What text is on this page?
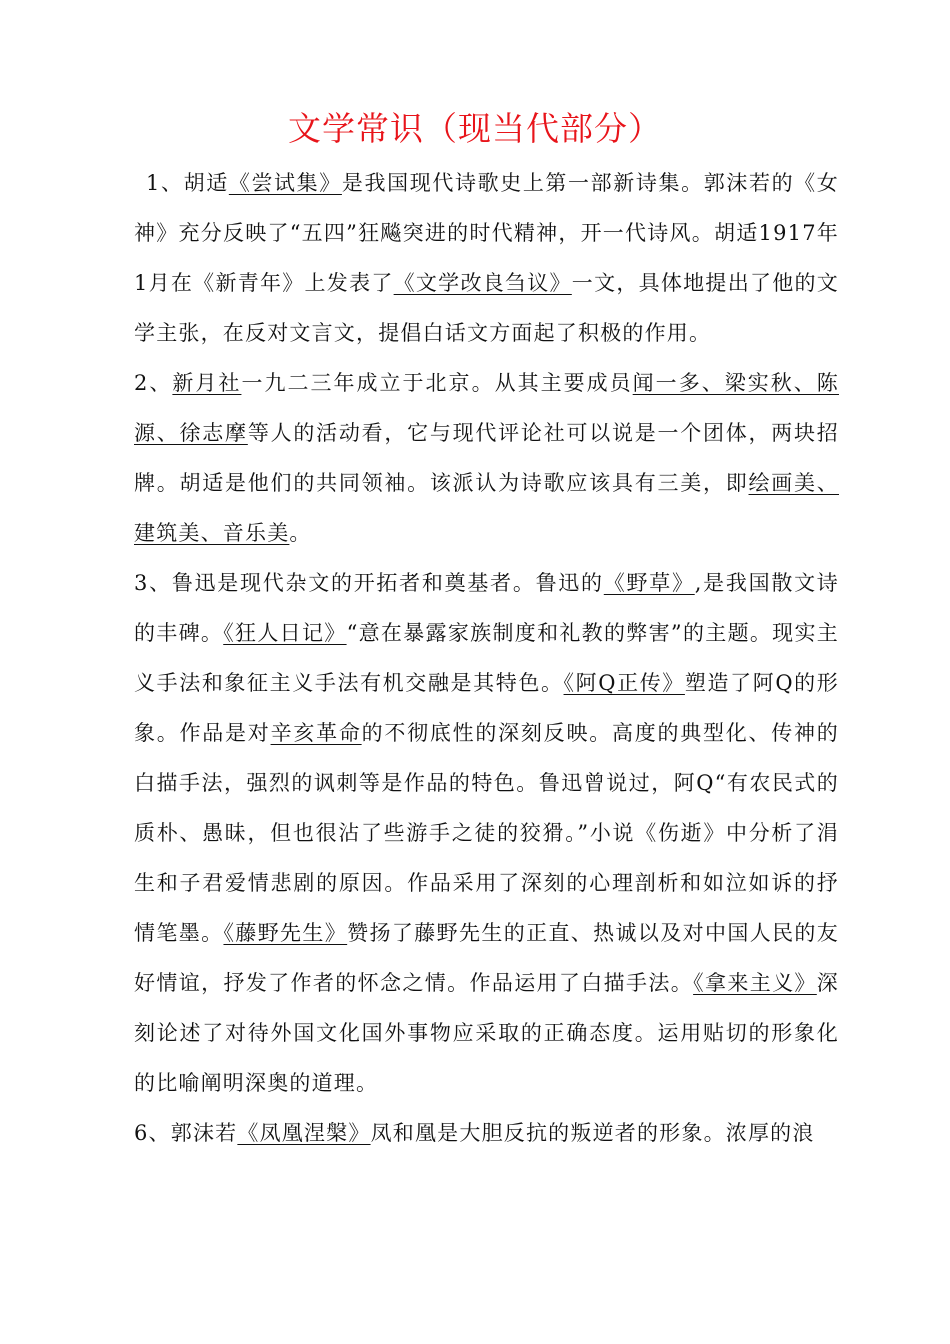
文学常识（现当代部分）

1、胡适《尝试集》是我国现代诗歌史上第一部新诗集。郭沫若的《女神》充分反映了“五四”狂飚突进的时代精神，开一代诗风。胡适1917年1月在《新青年》上发表了《文学改良刍议》一文，具体地提出了他的文学主张，在反对文言文，提倡白话文方面起了积极的作用。

2、新月社一九二三年成立于北京。从其主要成员闻一多、梁实秋、陈源、徐志摩等人的活动看，它与现代评论社可以说是一个团体，两块招牌。胡适是他们的共同领袖。该派认为诗歌应该具有三美，即绘画美、建筑美、音乐美。

3、鲁迅是现代杂文的开拓者和奠基者。鲁迅的《野草》,是我国散文诗的丰碑。《狂人日记》“意在暴露家族制度和礼教的弊害”的主题。现实主义手法和象征主义手法有机交融是其特色。《阿Q正传》塑造了阿Q的形象。作品是对辛亥革命的不彻底性的深刻反映。高度的典型化、传神的白描手法，强烈的讽刺等是作品的特色。鲁迅曾说过，阿Q“有农民式的质朴、愚昧，但也很沾了些游手之徒的狡猾。”小说《伤逝》中分析了涓生和子君爱情悲剧的原因。作品采用了深刻的心理剖析和如泣如诉的抒情笔墨。《藤野先生》赞扬了藤野先生的正直、热诚以及对中国人民的友好情谊，抒发了作者的怀念之情。作品运用了白描手法。《拿来主义》深刻论述了对待外国文化国外事物应采取的正确态度。运用贴切的形象化的比喻阐明深奥的道理。

6、郭沫若《凤凰涅槃》凤和凰是大胆反抗的叛逆者的形象。浓厚的浪
